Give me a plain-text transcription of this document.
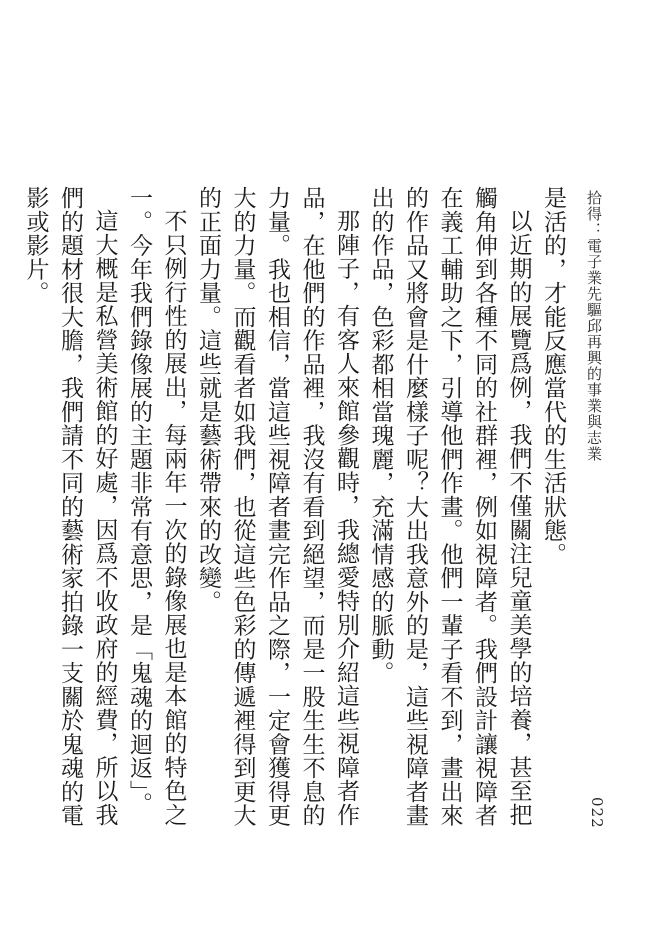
拾得：電子業先驅邱再興的事業與志業
022

是活的，才能反應當代的生活狀態。

以近期的展覽爲例，我們不僅關注兒童美學的培養，甚至把觸角伸到各種不同的社群裡，例如視障者。我們設計讓視障者在義工輔助之下，引導他們作畫。他們一輩子看不到，畫出來的作品又將會是什麼樣子呢？大出我意外的是，這些視障者畫出的作品，色彩都相當瑰麗，充滿情感的脈動。

那陣子，有客人來館參觀時，我總愛特別介紹這些視障者作品，在他們的作品裡，我沒有看到絕望，而是一股生生不息的力量。我也相信，當這些視障者畫完作品之際，一定會獲得更大的力量。而觀看者如我們，也從這些色彩的傳遞裡得到更大的正面力量。這些就是藝術帶來的改變。

不只例行性的展出，每兩年一次的錄像展也是本館的特色之一。今年我們錄像展的主題非常有意思，是「鬼魂的迴返」。

這大概是私營美術館的好處，因爲不收政府的經費，所以我們的題材很大膽，我們請不同的藝術家拍錄一支關於鬼魂的電影或影片。
